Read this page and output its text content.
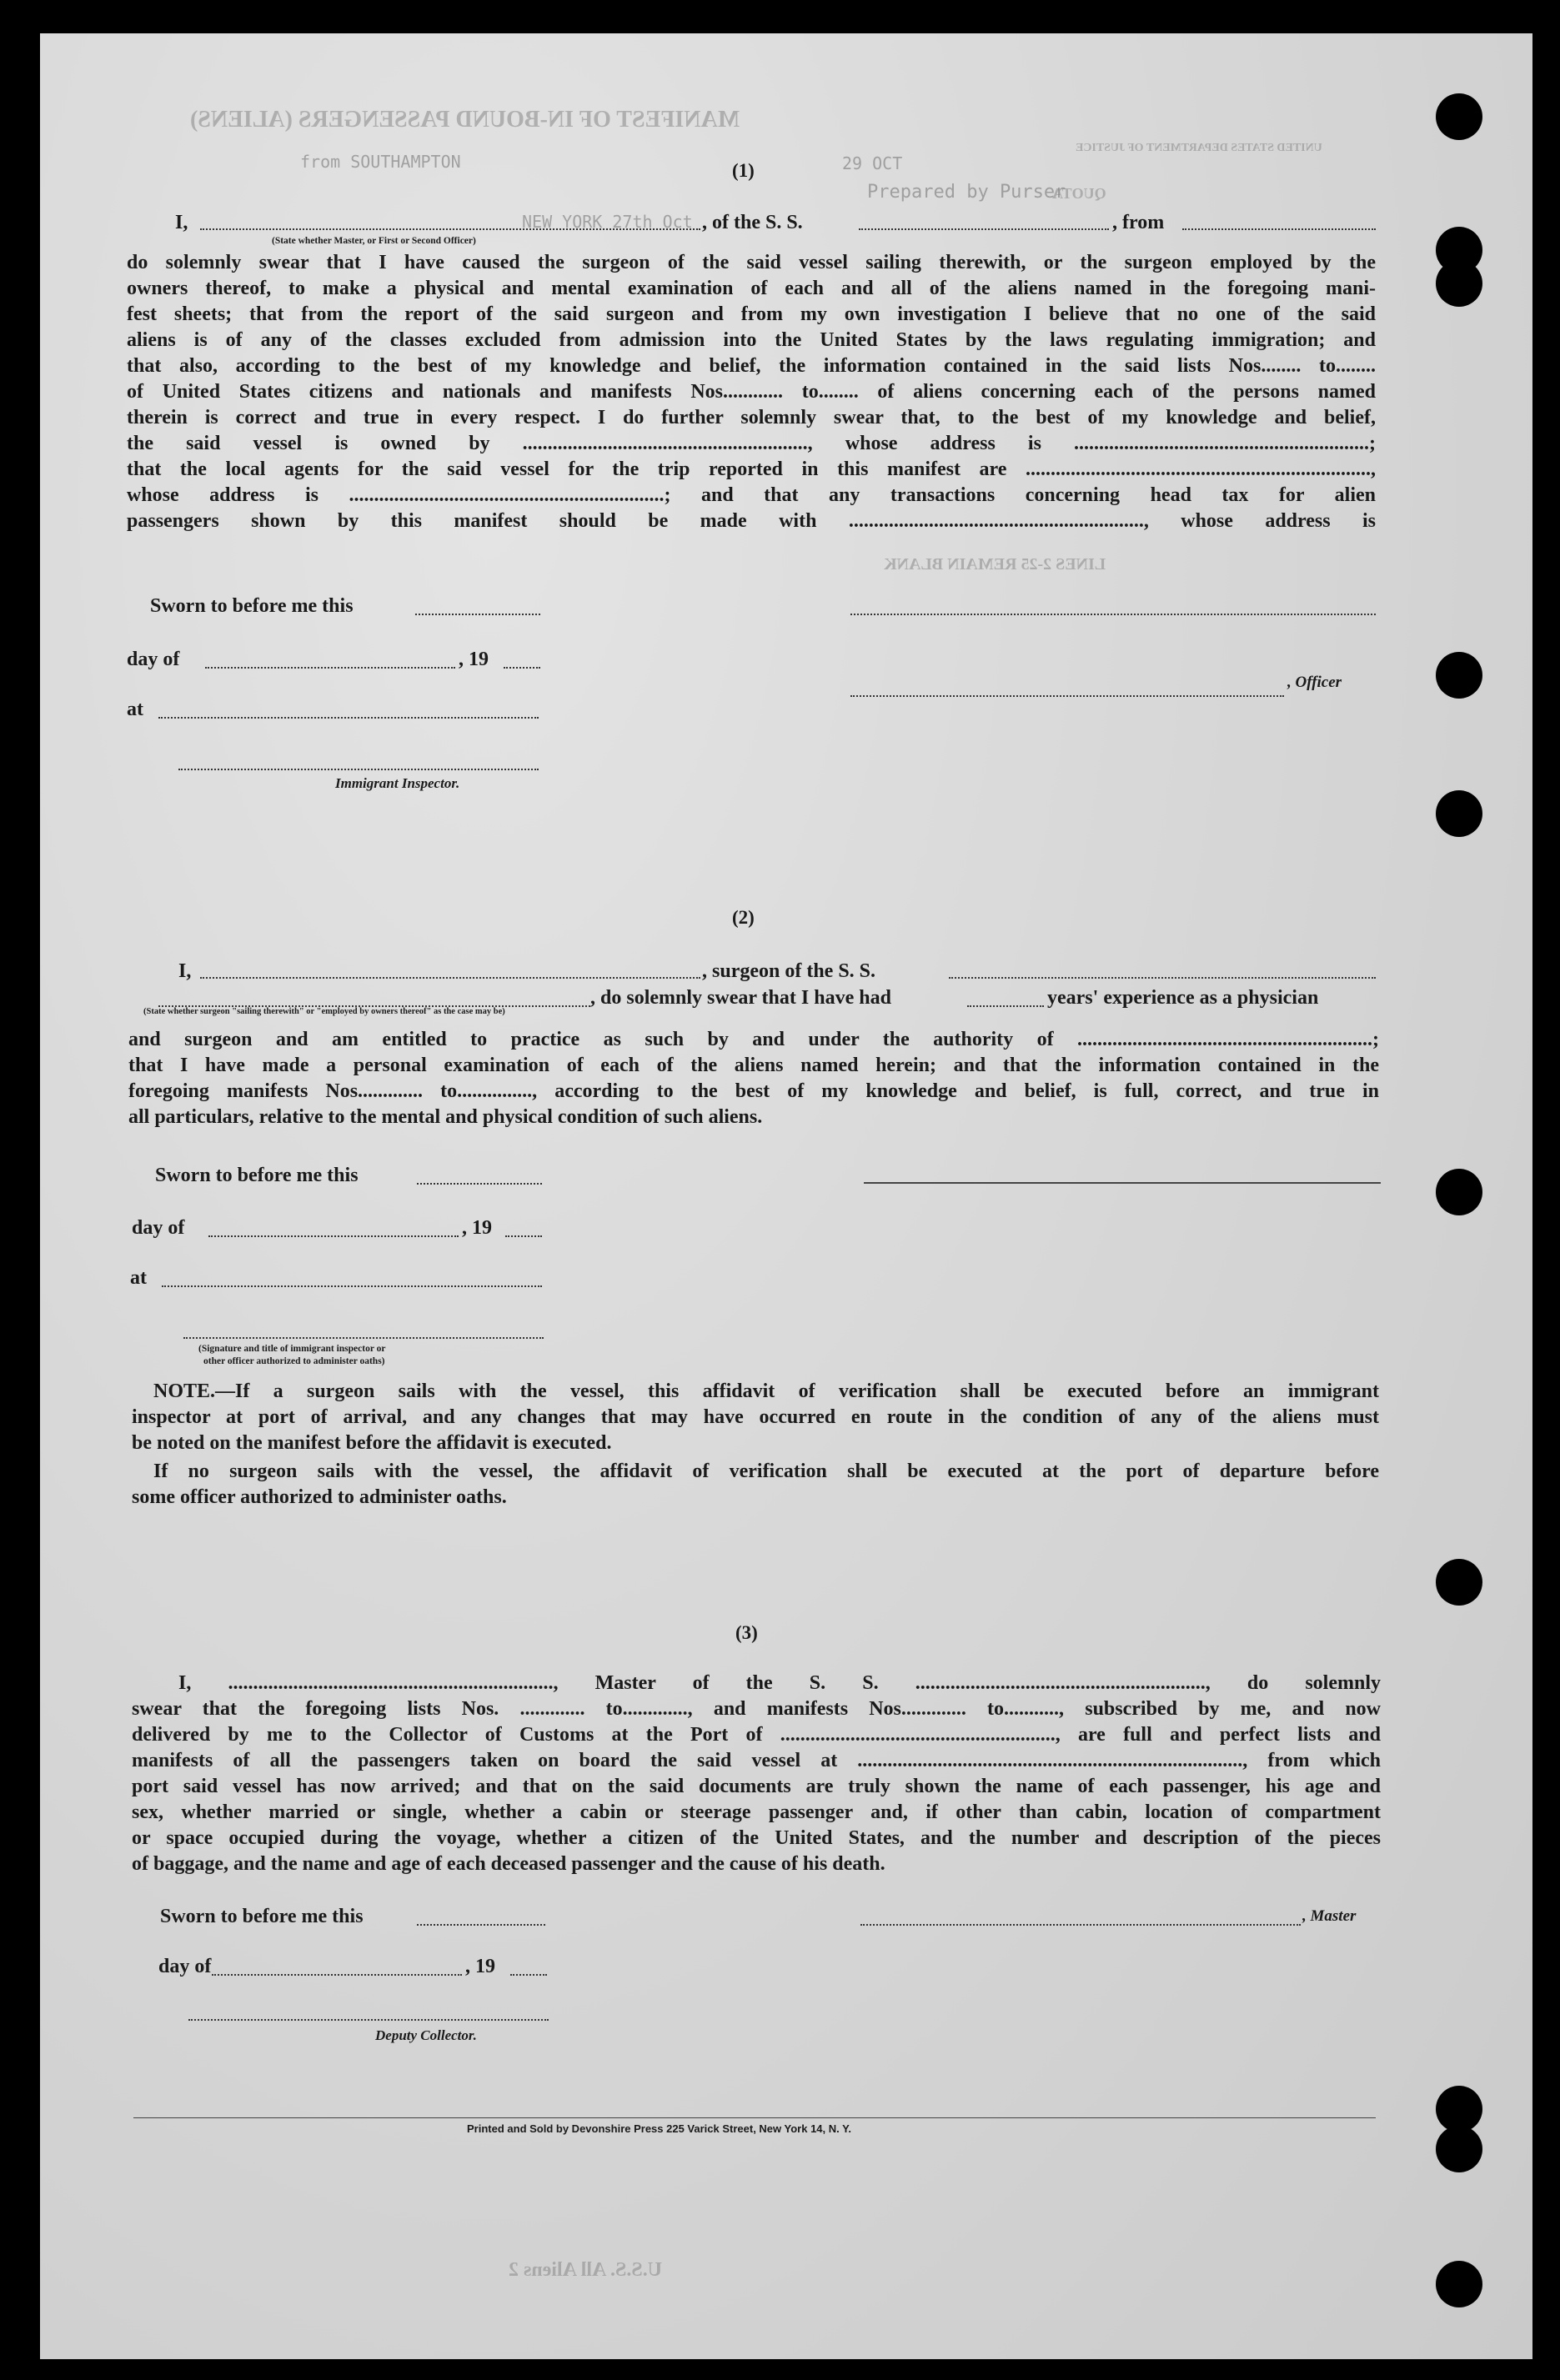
MANIFEST OF IN-BOUND PASSENGERS (ALIENS)
from SOUTHAMPTON	29 OCT
Prepared by Purser
QUOTA
NEW YORK 27th Oct
UNITED STATES DEPARTMENT OF JUSTICE
LINES 2-25 REMAIN BLANK
U.S.S. All Aliens 2
(1)
I,	, of the S. S.	, from
(State whether Master, or First or Second Officer)
do solemnly swear that I have caused the surgeon of the said vessel sailing therewith, or the surgeon employed by the
owners thereof, to make a physical and mental examination of each and all of the aliens named in the foregoing mani-
fest sheets; that from the report of the said surgeon and from my own investigation I believe that no one of the said
aliens is of any of the classes excluded from admission into the United States by the laws regulating immigration; and
that also, according to the best of my knowledge and belief, the information contained in the said lists Nos........ to........
of United States citizens and nationals and manifests Nos............ to........ of aliens concerning each of the persons named
therein is correct and true in every respect. I do further solemnly swear that, to the best of my knowledge and belief,
the said vessel is owned by ........................................................., whose address is ...........................................................;
that the local agents for the said vessel for the trip reported in this manifest are .....................................................................,
whose address is ...............................................................; and that any transactions concerning head tax for alien
passengers shown by this manifest should be made with ..........................................................., whose address is
Sworn to before me this
day of	, 19
, Officer
at
Immigrant Inspector.
(2)
I,	, surgeon of the S. S.
, do solemnly swear that I have had	years' experience as a physician
(State whether surgeon "sailing therewith" or "employed by owners thereof" as the case may be)
and surgeon and am entitled to practice as such by and under the authority of ...........................................................;
that I have made a personal examination of each of the aliens named herein; and that the information contained in the
foregoing manifests Nos............. to..............., according to the best of my knowledge and belief, is full, correct, and true in
all particulars, relative to the mental and physical condition of such aliens.
Sworn to before me this
day of	, 19
at
(Signature and title of immigrant inspector or
other officer authorized to administer oaths)
NOTE.—If a surgeon sails with the vessel, this affidavit of verification shall be executed before an immigrant
inspector at port of arrival, and any changes that may have occurred en route in the condition of any of the aliens must
be noted on the manifest before the affidavit is executed.
If no surgeon sails with the vessel, the affidavit of verification shall be executed at the port of departure before
some officer authorized to administer oaths.
(3)
I, ................................................................., Master of the S. S. .........................................................., do solemnly
swear that the foregoing lists Nos. ............. to............., and manifests Nos............. to..........., subscribed by me, and now
delivered by me to the Collector of Customs at the Port of ......................................................., are full and perfect lists and
manifests of all the passengers taken on board the said vessel at ............................................................................., from which
port said vessel has now arrived; and that on the said documents are truly shown the name of each passenger, his age and
sex, whether married or single, whether a cabin or steerage passenger and, if other than cabin, location of compartment
or space occupied during the voyage, whether a citizen of the United States, and the number and description of the pieces
of baggage, and the name and age of each deceased passenger and the cause of his death.
Sworn to before me this	, Master
day of	, 19
Deputy Collector.
Printed and Sold by Devonshire Press 225 Varick Street, New York 14, N. Y.
